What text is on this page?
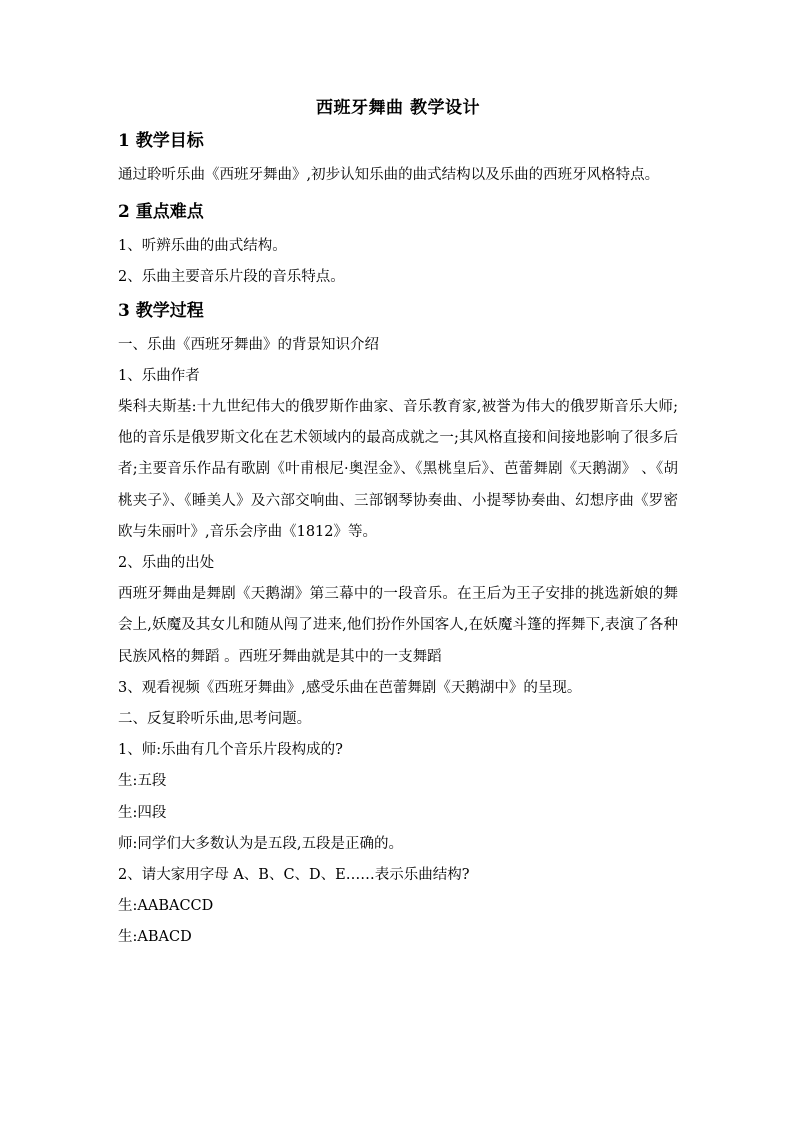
西班牙舞曲 教学设计
1 教学目标

通过聆听乐曲《西班牙舞曲》,初步认知乐曲的曲式结构以及乐曲的西班牙风格特点。

2 重点难点

1、听辨乐曲的曲式结构。

2、乐曲主要音乐片段的音乐特点。

3 教学过程

一、乐曲《西班牙舞曲》的背景知识介绍

1、乐曲作者

柴科夫斯基:十九世纪伟大的俄罗斯作曲家、音乐教育家,被誉为伟大的俄罗斯音乐大师;他的音乐是俄罗斯文化在艺术领域内的最高成就之一;其风格直接和间接地影响了很多后者;主要音乐作品有歌剧《叶甫根尼·奥涅金》、《黑桃皇后》、芭蕾舞剧《天鹅湖》 、《胡桃夹子》、《睡美人》及六部交响曲、三部钢琴协奏曲、小提琴协奏曲、幻想序曲《罗密欧与朱丽叶》,音乐会序曲《1812》等。

2、乐曲的出处

西班牙舞曲是舞剧《天鹅湖》第三幕中的一段音乐。在王后为王子安排的挑选新娘的舞会上,妖魔及其女儿和随从闯了进来,他们扮作外国客人,在妖魔斗篷的挥舞下,表演了各种民族风格的舞蹈 。西班牙舞曲就是其中的一支舞蹈

3、观看视频《西班牙舞曲》,感受乐曲在芭蕾舞剧《天鹅湖中》的呈现。

二、反复聆听乐曲,思考问题。

1、师:乐曲有几个音乐片段构成的?

生:五段

生:四段

师:同学们大多数认为是五段,五段是正确的。

2、请大家用字母 A、B、C、D、E……表示乐曲结构?

生:AABACCD

生:ABACD
